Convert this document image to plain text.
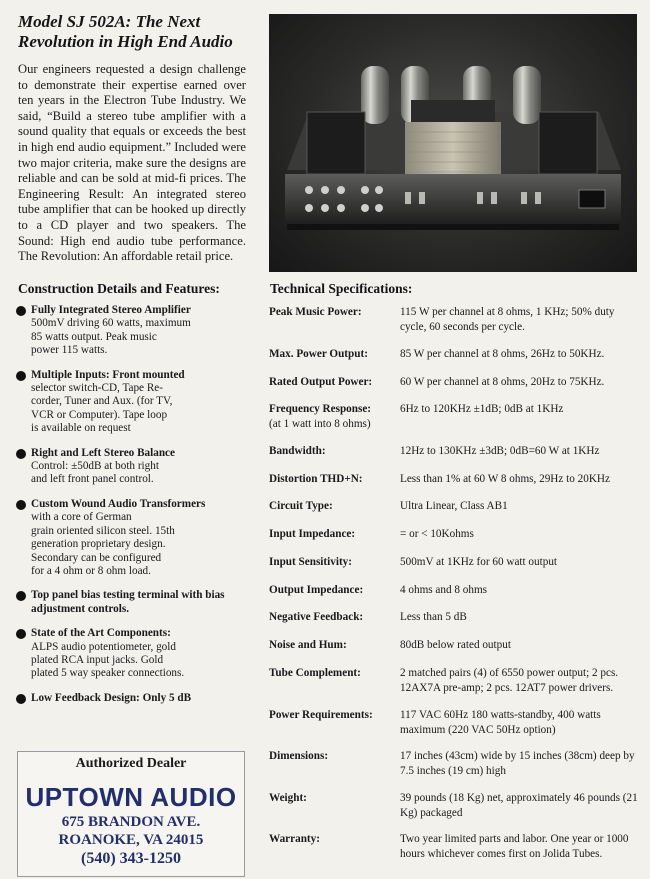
Model SJ 502A: The Next Revolution in High End Audio
Our engineers requested a design challenge to demonstrate their expertise earned over ten years in the Electron Tube Industry. We said, “Build a stereo tube amplifier with a sound quality that equals or exceeds the best in high end audio equipment.” Included were two major criteria, make sure the designs are reliable and can be sold at mid-fi prices. The Engineering Result: An integrated stereo tube amplifier that can be hooked up directly to a CD player and two speakers. The Sound: High end audio tube performance. The Revolution: An affordable retail price.
Construction Details and Features:
Fully Integrated Stereo Amplifier
500mV driving 60 watts, maximum
85 watts output. Peak music
power 115 watts.
Multiple Inputs: Front mounted
selector switch-CD, Tape Re-
corder, Tuner and Aux. (for TV,
VCR or Computer). Tape loop
is available on request
Right and Left Stereo Balance
Control: ±50dB at both right
and left front panel control.
Custom Wound Audio Transformers
with a core of German
grain oriented silicon steel. 15th
generation proprietary design.
Secondary can be configured
for a 4 ohm or 8 ohm load.
Top panel bias testing terminal with bias adjustment controls.
State of the Art Components:
ALPS audio potentiometer, gold
plated RCA input jacks. Gold
plated 5 way speaker connections.
Low Feedback Design: Only 5 dB
Authorized Dealer
UPTOWN AUDIO
675 BRANDON AVE.
ROANOKE, VA 24015
(540) 343-1250
Technical Specifications:
Peak Music Power:	115 W per channel at 8 ohms, 1 KHz; 50% duty cycle, 60 seconds per cycle.
Max. Power Output:	85 W per channel at 8 ohms, 26Hz to 50KHz.
Rated Output Power:	60 W per channel at 8 ohms, 20Hz to 75KHz.
Frequency Response:
(at 1 watt into 8 ohms)
6Hz to 120KHz ±1dB; 0dB at 1KHz
Bandwidth:	12Hz to 130KHz ±3dB; 0dB=60 W at 1KHz
Distortion THD+N:	Less than 1% at 60 W 8 ohms, 29Hz to 20KHz
Circuit Type:	Ultra Linear, Class AB1
Input Impedance:	= or < 10Kohms
Input Sensitivity:	500mV at 1KHz for 60 watt output
Output Impedance:	4 ohms and 8 ohms
Negative Feedback:	Less than 5 dB
Noise and Hum:	80dB below rated output
Tube Complement:	2 matched pairs (4) of 6550 power output; 2 pcs. 12AX7A pre-amp; 2 pcs. 12AT7 power drivers.
Power Requirements:	117 VAC 60Hz 180 watts-standby, 400 watts maximum (220 VAC 50Hz option)
Dimensions:	17 inches (43cm) wide by 15 inches (38cm) deep by 7.5 inches (19 cm) high
Weight:	39 pounds (18 Kg) net, approximately 46 pounds (21 Kg) packaged
Warranty:	Two year limited parts and labor. One year or 1000 hours whichever comes first on Jolida Tubes.
